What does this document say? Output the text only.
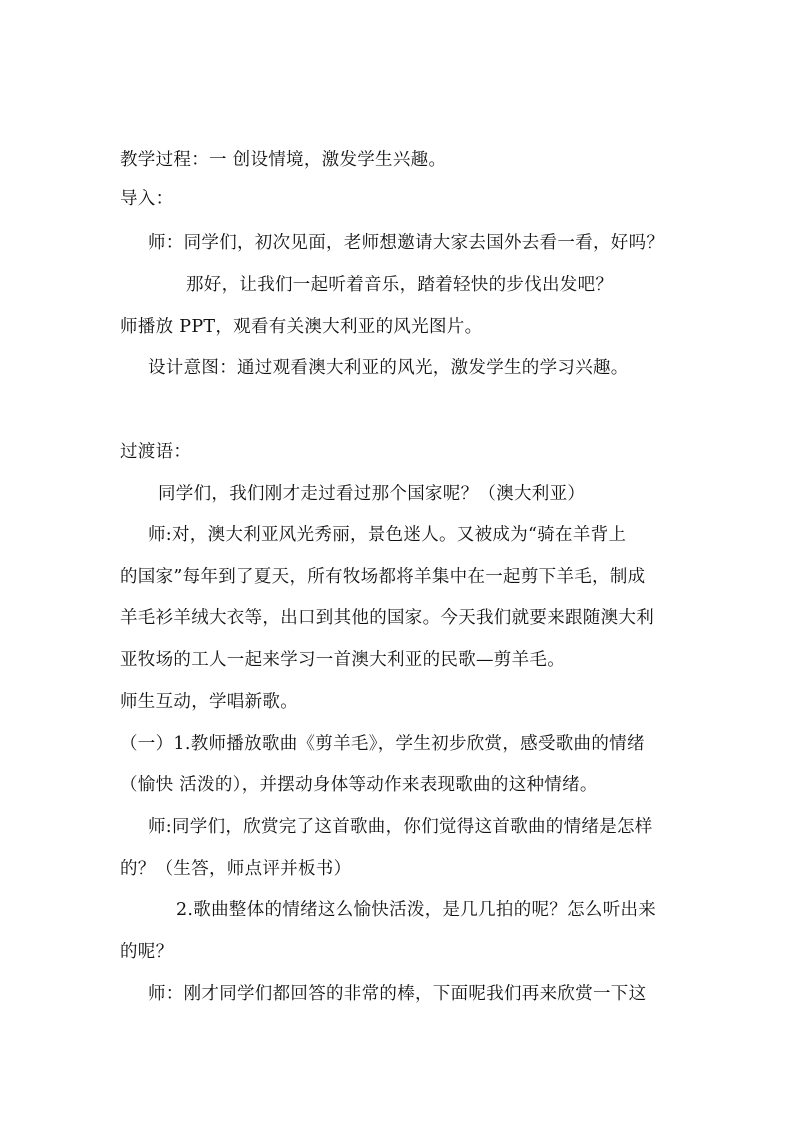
教学过程：一 创设情境，激发学生兴趣。
导入：
师：同学们，初次见面，老师想邀请大家去国外去看一看，好吗？
那好，让我们一起听着音乐，踏着轻快的步伐出发吧？
师播放 PPT，观看有关澳大利亚的风光图片。
设计意图：通过观看澳大利亚的风光，激发学生的学习兴趣。
过渡语：
同学们，我们刚才走过看过那个国家呢？（澳大利亚）
师:对，澳大利亚风光秀丽，景色迷人。又被成为“骑在羊背上
的国家”每年到了夏天，所有牧场都将羊集中在一起剪下羊毛，制成
羊毛衫羊绒大衣等，出口到其他的国家。今天我们就要来跟随澳大利
亚牧场的工人一起来学习一首澳大利亚的民歌—剪羊毛。
师生互动，学唱新歌。
（一）1.教师播放歌曲《剪羊毛》，学生初步欣赏，感受歌曲的情绪
（愉快 活泼的），并摆动身体等动作来表现歌曲的这种情绪。
师:同学们，欣赏完了这首歌曲，你们觉得这首歌曲的情绪是怎样
的？（生答，师点评并板书）
2.歌曲整体的情绪这么愉快活泼，是几几拍的呢？怎么听出来
的呢？
师：刚才同学们都回答的非常的棒，下面呢我们再来欣赏一下这
